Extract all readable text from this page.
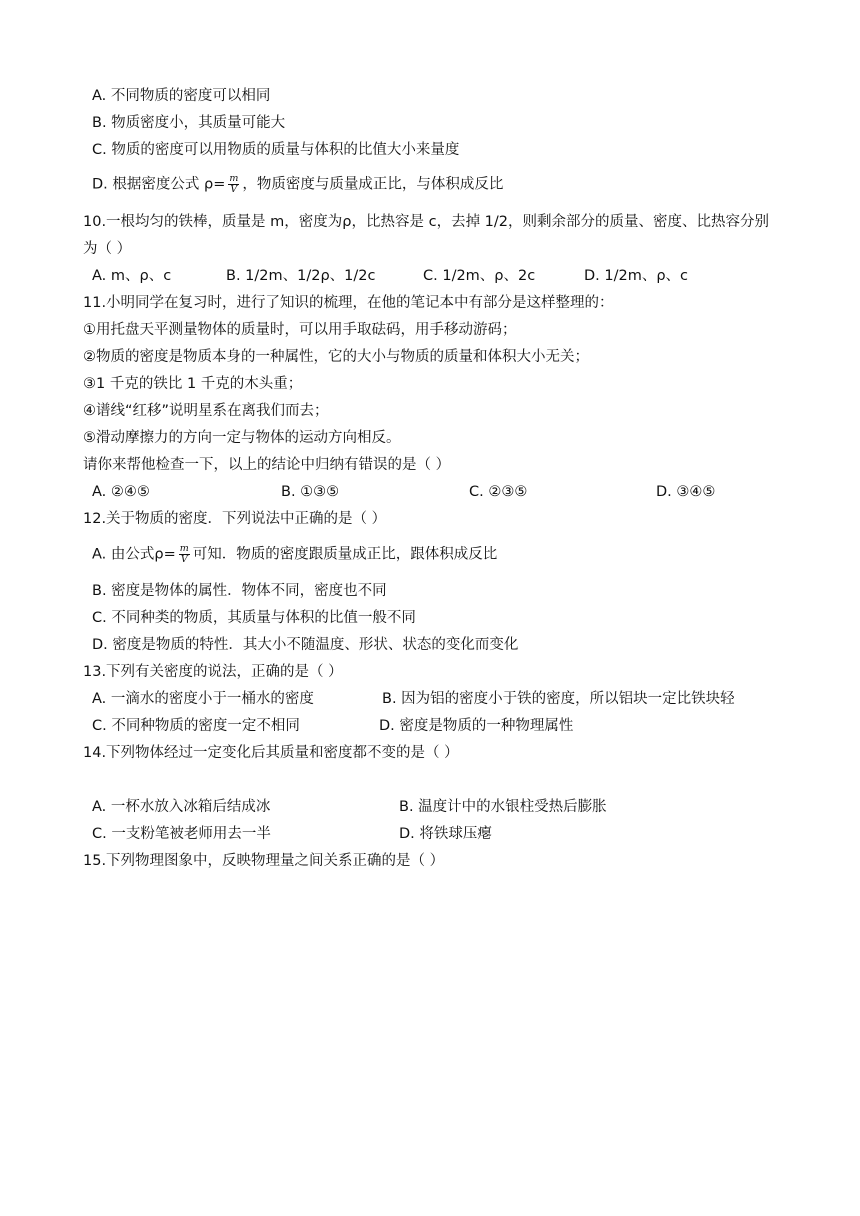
A. 不同物质的密度可以相同
B. 物质密度小，其质量可能大
C. 物质的密度可以用物质的质量与体积的比值大小来量度
D. 根据密度公式 $\rho= \frac{m}{V}$ ，物质密度与质量成正比，与体积成反比
10.一根均匀的铁棒，质量是 m，密度为ρ，比热容是 c，去掉 1/2，则剩余部分的质量、密度、比热容分别
为（ ）
A. m、ρ、c	B. 1/2m、1/2ρ、1/2c	C. 1/2m、ρ、2c	D. 1/2m、ρ、c
11.小明同学在复习时，进行了知识的梳理，在他的笔记本中有部分是这样整理的：
①用托盘天平测量物体的质量时，可以用手取砝码，用手移动游码；
②物质的密度是物质本身的一种属性，它的大小与物质的质量和体积大小无关；
③1 千克的铁比 1 千克的木头重；
④谱线“红移”说明星系在离我们而去；
⑤滑动摩擦力的方向一定与物体的运动方向相反。
请你来帮他检查一下，以上的结论中归纳有错误的是（ ）
A. ②④⑤	B. ①③⑤	C. ②③⑤	D. ③④⑤
12.关于物质的密度．下列说法中正确的是（ ）
A. 由公式$\rho= \frac{m}{V}$ 可知．物质的密度跟质量成正比，跟体积成反比
B. 密度是物体的属性．物体不同，密度也不同
C. 不同种类的物质，其质量与体积的比值一般不同
D. 密度是物质的特性．其大小不随温度、形状、状态的变化而变化
13.下列有关密度的说法，正确的是（ ）
A. 一滴水的密度小于一桶水的密度	B. 因为铝的密度小于铁的密度，所以铝块一定比铁块轻
C. 不同种物质的密度一定不相同	D. 密度是物质的一种物理属性
14.下列物体经过一定变化后其质量和密度都不变的是（ ）
A. 一杯水放入冰箱后结成冰	B. 温度计中的水银柱受热后膨胀
C. 一支粉笔被老师用去一半	D. 将铁球压瘪
15.下列物理图象中，反映物理量之间关系正确的是（ ）
